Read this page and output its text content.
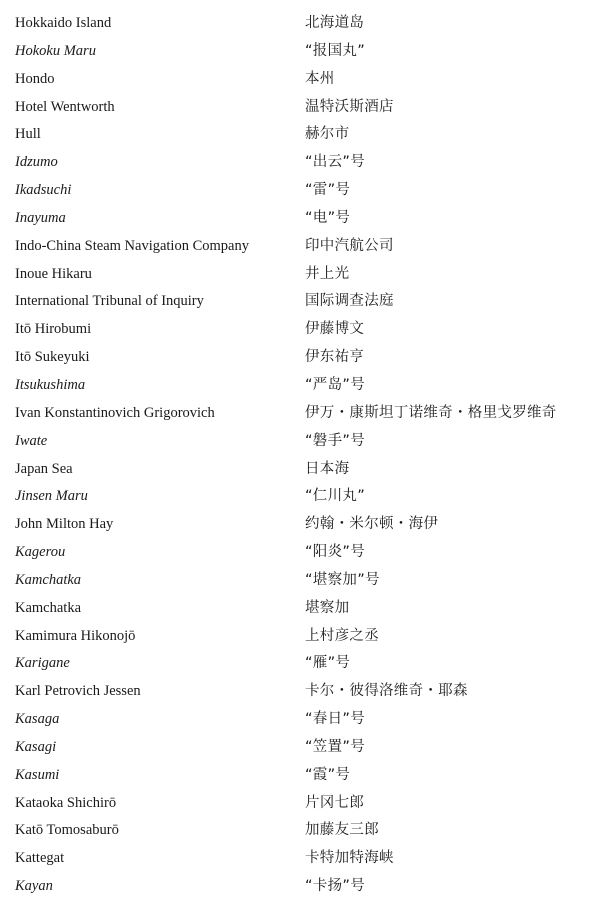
Hokkaido Island	北海道岛
Hokoku Maru	“报国丸”
Hondo	本州
Hotel Wentworth	温特沃斯酒店
Hull	赫尔市
Idzumo	“出云”号
Ikadsuchi	“雷”号
Inayuma	“电”号
Indo-China Steam Navigation Company	印中汽航公司
Inoue Hikaru	井上光
International Tribunal of Inquiry	国际调查法庭
Itō Hirobumi	伊藤博文
Itō Sukeyuki	伊东祐亨
Itsukushima	“严岛”号
Ivan Konstantinovich Grigorovich	伊万・康斯坦丁诺维奇・格里戈罗维奇
Iwate	“磐手”号
Japan Sea	日本海
Jinsen Maru	“仁川丸”
John Milton Hay	约翰・米尔顿・海伊
Kagerou	“阳炎”号
Kamchatka	“堪察加”号
Kamchatka	堪察加
Kamimura Hikonojō	上村彦之丞
Karigane	“雁”号
Karl Petrovich Jessen	卡尔・彼得洛维奇・耶森
Kasaga	“春日”号
Kasagi	“笠置”号
Kasumi	“霞”号
Kataoka Shichirō	片冈七郎
Katō Tomosaburō	加藤友三郎
Kattegat	卡特加特海峡
Kayan	“卡扬”号
